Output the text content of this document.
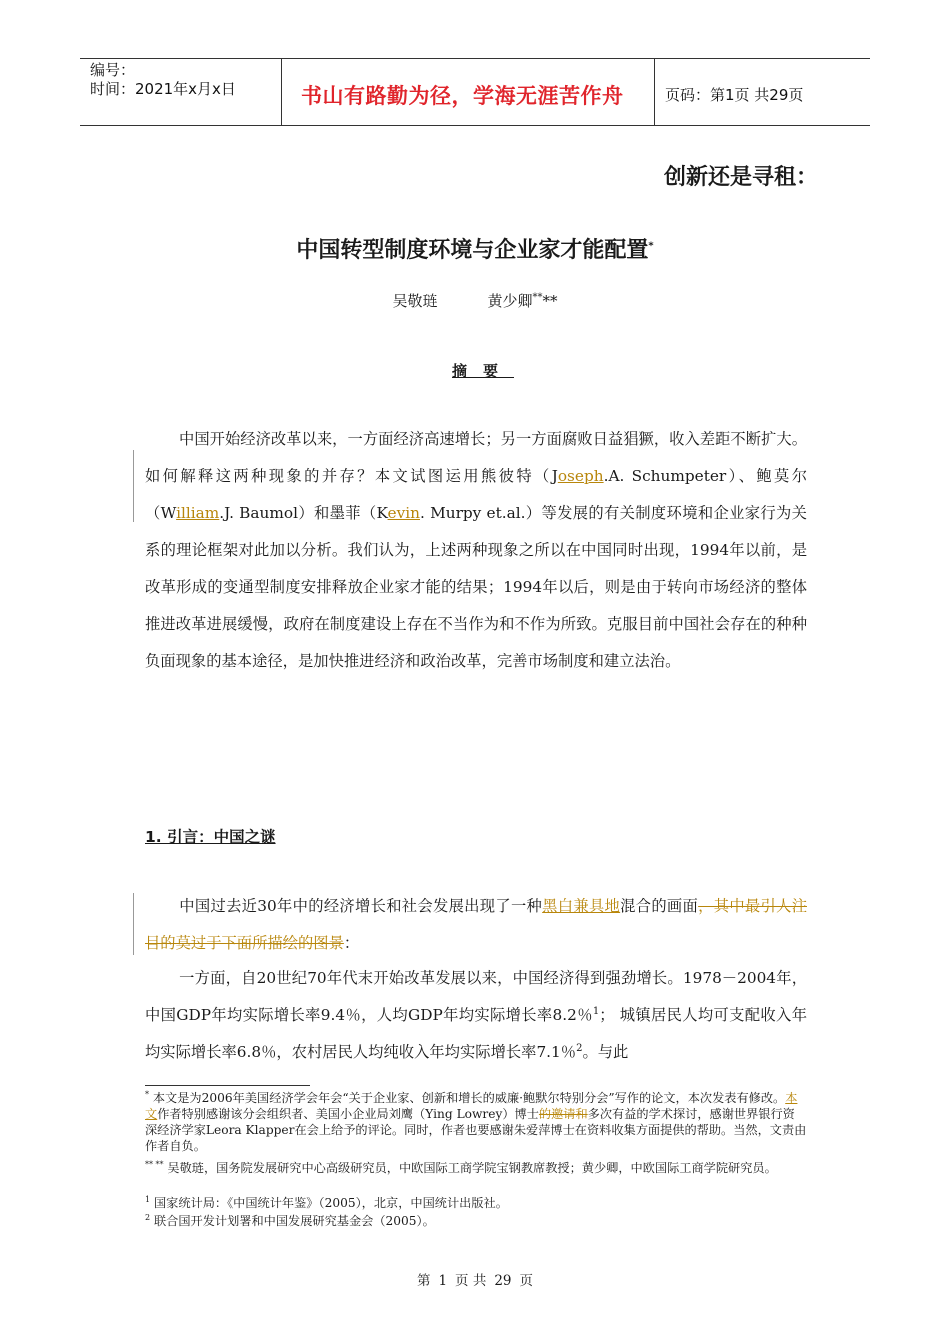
编号：
时间：2021年x月x日	书山有路勤为径，学海无涯苦作舟	页码：第1页 共29页
创新还是寻租：
中国转型制度环境与企业家才能配置*
吴敬琏	黄少卿****
摘要
中国开始经济改革以来，一方面经济高速增长；另一方面腐败日益猖獗，收入差距不断扩大。如何解释这两种现象的并存？本文试图运用熊彼特（Joseph.A. Schumpeter）、鲍莫尔（William.J. Baumol）和墨菲（Kevin. Murpy et.al.）等发展的有关制度环境和企业家行为关系的理论框架对此加以分析。我们认为，上述两种现象之所以在中国同时出现，1994年以前，是改革形成的变通型制度安排释放企业家才能的结果；1994年以后，则是由于转向市场经济的整体推进改革进展缓慢，政府在制度建设上存在不当作为和不作为所致。克服目前中国社会存在的种种负面现象的基本途径，是加快推进经济和政治改革，完善市场制度和建立法治。
1. 引言：中国之谜
中国过去近30年中的经济增长和社会发展出现了一种黑白兼具地混合的画面，其中最引人注目的莫过于下面所描绘的图景：
一方面，自20世纪70年代末开始改革发展以来，中国经济得到强劲增长。1978－2004年，中国GDP年均实际增长率9.4％，人均GDP年均实际增长率8.2％$^1$； 城镇居民人均可支配收入年均实际增长率6.8％，农村居民人均纯收入年均实际增长率7.1％$^2$。与此
* 本文是为2006年美国经济学会年会“关于企业家、创新和增长的威廉·鲍默尔特别分会”写作的论文，本次发表有修改。本文作者特别感谢该分会组织者、美国小企业局刘鹰（Ying Lowrey）博士的邀请和多次有益的学术探讨，感谢世界银行资深经济学家Leora Klapper在会上给予的评论。同时，作者也要感谢朱爱萍博士在资料收集方面提供的帮助。当然，文责由作者自负。
** ** 吴敬琏，国务院发展研究中心高级研究员，中欧国际工商学院宝钢教席教授；黄少卿，中欧国际工商学院研究员。
$^1$ 国家统计局：《中国统计年鉴》（2005），北京，中国统计出版社。
$^2$ 联合国开发计划署和中国发展研究基金会（2005）。
第 1 页 共 29 页
